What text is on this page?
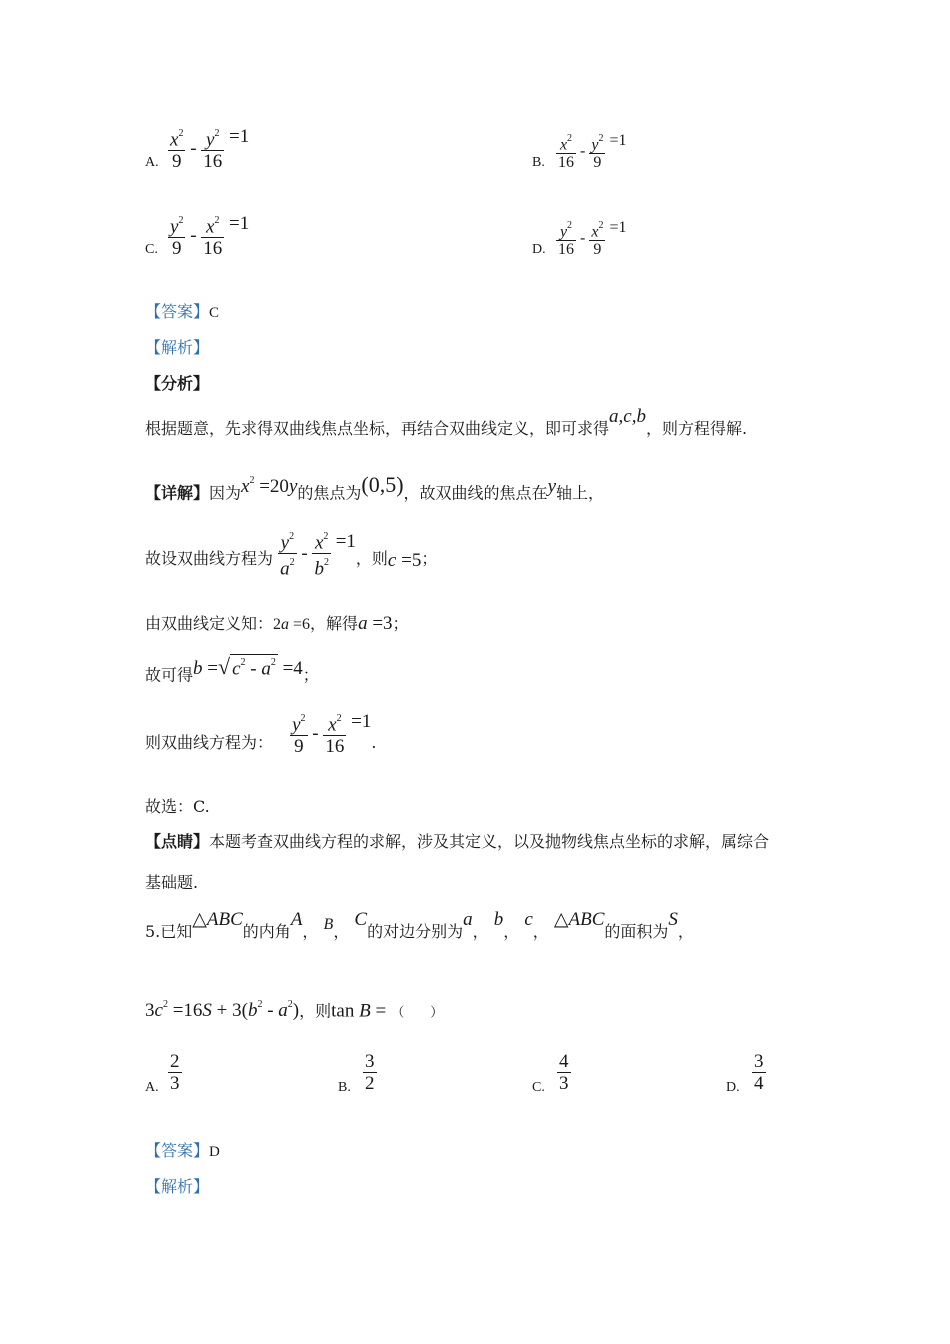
A. $\frac{x^2}{9} - \frac{y^2}{16} =1$
B. $\frac{x^2}{16} - \frac{y^2}{9} =1$
C. $\frac{y^2}{9} - \frac{x^2}{16} =1$
D. $\frac{y^2}{16} - \frac{x^2}{9} =1$
【答案】C
【解析】
【分析】
根据题意，先求得双曲线焦点坐标，再结合双曲线定义，即可求得a,c,b，则方程得解.
【详解】因为$x^2 =20y$的焦点为(0,5)，故双曲线的焦点在y轴上，
故设双曲线方程为 $\frac{y^2}{a^2} - \frac{x^2}{b^2} =1$，则c =5；
由双曲线定义知：2a =6，解得a =3；
故可得b =√ $c^2 - a^2 =4$；
则双曲线方程为： $\frac{y^2}{9} - \frac{x^2}{16} =1$.
故选：C.
【点睛】本题考查双曲线方程的求解，涉及其定义，以及抛物线焦点坐标的求解，属综合
基础题.
5.已知△ABC的内角A， B， C的对边分别为a， b， c， △ABC的面积为S，
$3c^2 =16S + 3(b^2 - a^2)$，则tan B = （　　）
A. $\frac{2}{3}$	B. $\frac{3}{2}$	C. $\frac{4}{3}$	D. $\frac{3}{4}$
【答案】D
【解析】
